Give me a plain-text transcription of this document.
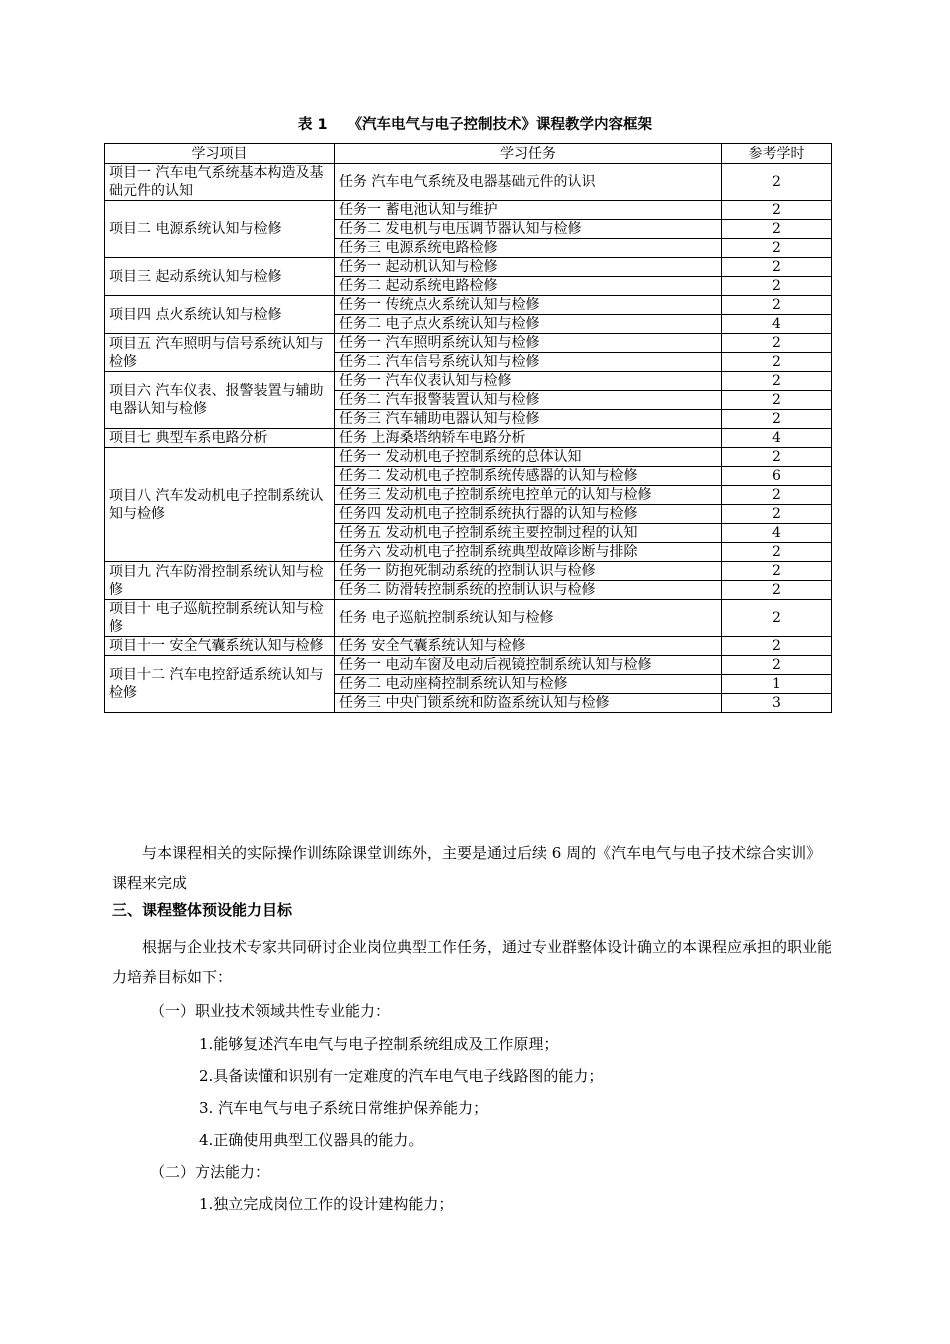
表 1 《汽车电气与电子控制技术》课程教学内容框架
学习项目	学习任务	参考学时
项目一 汽车电气系统基本构造及基础元件的认知	任务 汽车电气系统及电器基础元件的认识	2
项目二 电源系统认知与检修	任务一 蓄电池认知与维护	2
	任务二 发电机与电压调节器认知与检修	2
	任务三 电源系统电路检修	2
项目三 起动系统认知与检修	任务一 起动机认知与检修	2
	任务二 起动系统电路检修	2
项目四 点火系统认知与检修	任务一 传统点火系统认知与检修	2
	任务二 电子点火系统认知与检修	4
项目五 汽车照明与信号系统认知与检修	任务一 汽车照明系统认知与检修	2
	任务二 汽车信号系统认知与检修	2
项目六 汽车仪表、报警装置与辅助电器认知与检修	任务一 汽车仪表认知与检修	2
	任务二 汽车报警装置认知与检修	2
	任务三 汽车辅助电器认知与检修	2
项目七 典型车系电路分析	任务 上海桑塔纳轿车电路分析	4
项目八 汽车发动机电子控制系统认知与检修	任务一 发动机电子控制系统的总体认知	2
	任务二 发动机电子控制系统传感器的认知与检修	6
	任务三 发动机电子控制系统电控单元的认知与检修	2
	任务四 发动机电子控制系统执行器的认知与检修	2
	任务五 发动机电子控制系统主要控制过程的认知	4
	任务六 发动机电子控制系统典型故障诊断与排除	2
项目九 汽车防滑控制系统认知与检修	任务一 防抱死制动系统的控制认识与检修	2
	任务二 防滑转控制系统的控制认识与检修	2
项目十 电子巡航控制系统认知与检修	任务 电子巡航控制系统认知与检修	2
项目十一 安全气囊系统认知与检修	任务 安全气囊系统认知与检修	2
项目十二 汽车电控舒适系统认知与检修	任务一 电动车窗及电动后视镜控制系统认知与检修	2
	任务二 电动座椅控制系统认知与检修	1
	任务三 中央门锁系统和防盗系统认知与检修	3
与本课程相关的实际操作训练除课堂训练外，主要是通过后续 6 周的《汽车电气与电子技术综合实训》课程来完成
三、课程整体预设能力目标
根据与企业技术专家共同研讨企业岗位典型工作任务，通过专业群整体设计确立的本课程应承担的职业能力培养目标如下：
（一）职业技术领域共性专业能力：
1.能够复述汽车电气与电子控制系统组成及工作原理；
2.具备读懂和识别有一定难度的汽车电气电子线路图的能力；
3. 汽车电气与电子系统日常维护保养能力；
4.正确使用典型工仪器具的能力。
（二）方法能力：
1.独立完成岗位工作的设计建构能力；
